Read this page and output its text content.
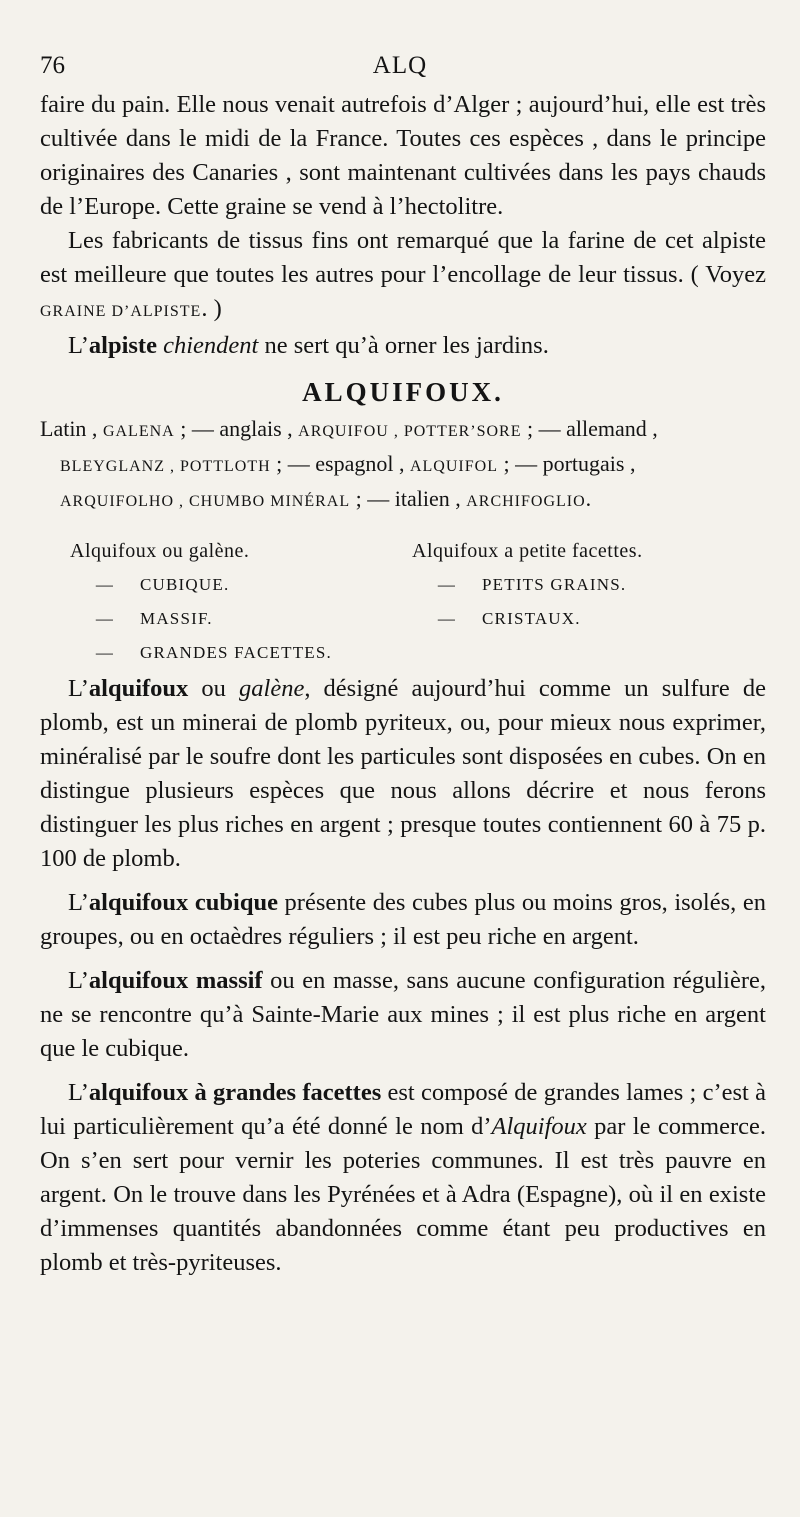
76	ALQ

faire du pain. Elle nous venait autrefois d’Alger ; aujourd’hui, elle est très cultivée dans le midi de la France. Toutes ces espèces , dans le principe originaires des Canaries , sont maintenant cultivées dans les pays chauds de l’Europe. Cette graine se vend à l’hectolitre.

Les fabricants de tissus fins ont remarqué que la farine de cet alpiste est meilleure que toutes les autres pour l’encollage de leur tissus. ( Voyez GRAINE D’ALPISTE. )

L’alpiste chiendent ne sert qu’à orner les jardins.

ALQUIFOUX.
Latin , GALENA ; — anglais , ARQUIFOU , POTTER’SORE ; — allemand ,
BLEYGLANZ , POTTLOTH ; — espagnol , ALQUIFOL ; — portugais ,
ARQUIFOLHO , CHUMBO MINÉRAL ; — italien , ARCHIFOGLIO.
Alquifoux ou galène.
— CUBIQUE.
— MASSIF.
— GRANDES FACETTES.
Alquifoux a petite facettes.
— PETITS GRAINS.
— CRISTAUX.

L’alquifoux ou galène, désigné aujourd’hui comme un sulfure de plomb, est un minerai de plomb pyriteux, ou, pour mieux nous exprimer, minéralisé par le soufre dont les particules sont disposées en cubes. On en distingue plusieurs espèces que nous allons décrire et nous ferons distinguer les plus riches en argent ; presque toutes contiennent 60 à 75 p. 100 de plomb.

L’alquifoux cubique présente des cubes plus ou moins gros, isolés, en groupes, ou en octaèdres réguliers ; il est peu riche en argent.

L’alquifoux massif ou en masse, sans aucune configuration régulière, ne se rencontre qu’à Sainte-Marie aux mines ; il est plus riche en argent que le cubique.

L’alquifoux à grandes facettes est composé de grandes lames ; c’est à lui particulièrement qu’a été donné le nom d’Alquifoux par le commerce. On s’en sert pour vernir les poteries communes. Il est très pauvre en argent. On le trouve dans les Pyrénées et à Adra (Espagne), où il en existe d’immenses quantités abandonnées comme étant peu productives en plomb et très-pyriteuses.
